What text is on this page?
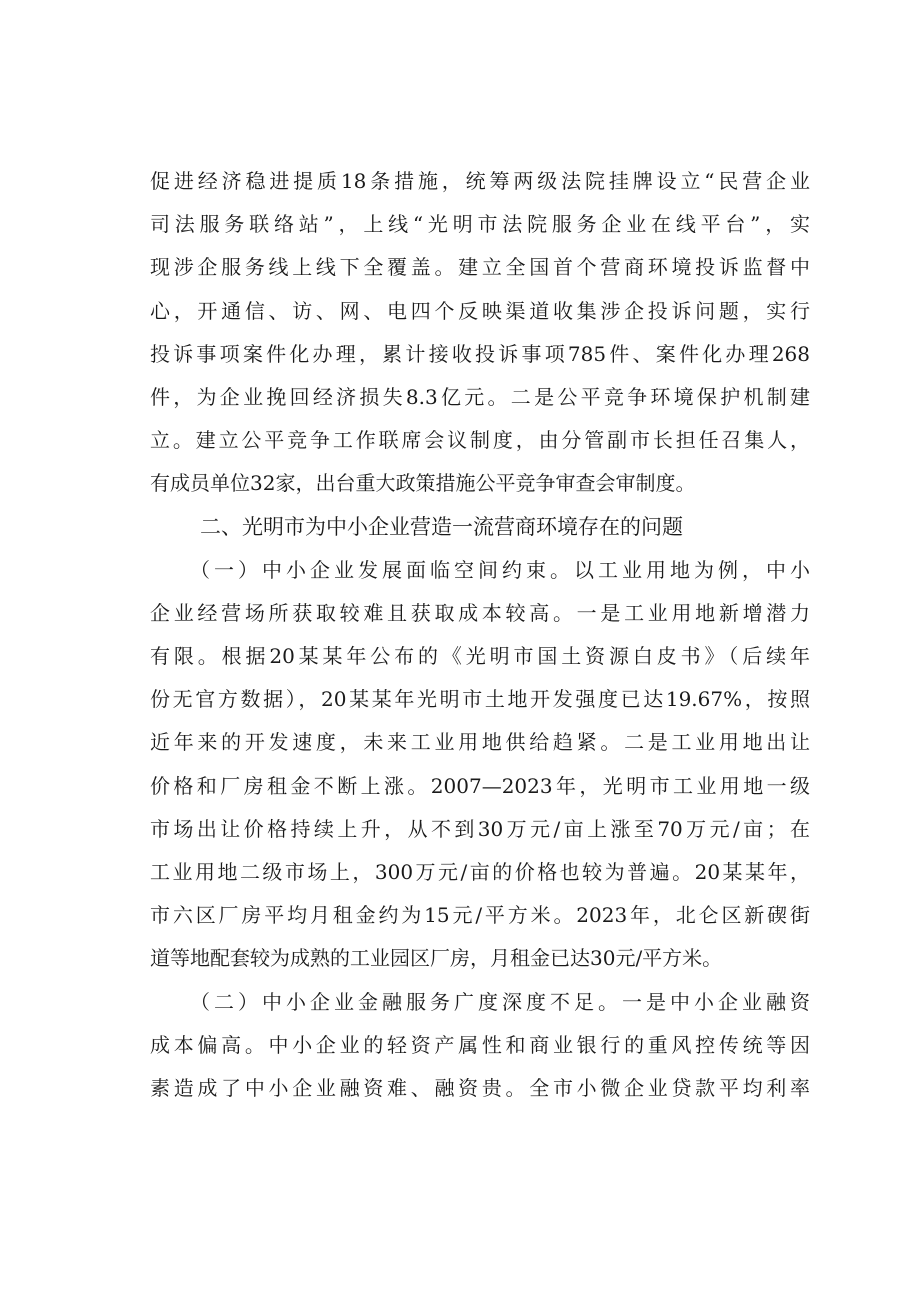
促进经济稳进提质18条措施，统筹两级法院挂牌设立“民营企业
司法服务联络站”，上线“光明市法院服务企业在线平台”，实
现涉企服务线上线下全覆盖。建立全国首个营商环境投诉监督中
心，开通信、访、网、电四个反映渠道收集涉企投诉问题，实行
投诉事项案件化办理，累计接收投诉事项785件、案件化办理268
件，为企业挽回经济损失8.3亿元。二是公平竞争环境保护机制建
立。建立公平竞争工作联席会议制度，由分管副市长担任召集人，
有成员单位32家，出台重大政策措施公平竞争审查会审制度。
二、光明市为中小企业营造一流营商环境存在的问题
（一）中小企业发展面临空间约束。以工业用地为例，中小
企业经营场所获取较难且获取成本较高。一是工业用地新增潜力
有限。根据20某某年公布的《光明市国土资源白皮书》（后续年
份无官方数据），20某某年光明市土地开发强度已达19.67%，按照
近年来的开发速度，未来工业用地供给趋紧。二是工业用地出让
价格和厂房租金不断上涨。2007—2023年，光明市工业用地一级
市场出让价格持续上升，从不到30万元/亩上涨至70万元/亩；在
工业用地二级市场上，300万元/亩的价格也较为普遍。20某某年，
市六区厂房平均月租金约为15元/平方米。2023年，北仑区新碶街
道等地配套较为成熟的工业园区厂房，月租金已达30元/平方米。
（二）中小企业金融服务广度深度不足。一是中小企业融资
成本偏高。中小企业的轻资产属性和商业银行的重风控传统等因
素造成了中小企业融资难、融资贵。全市小微企业贷款平均利率
